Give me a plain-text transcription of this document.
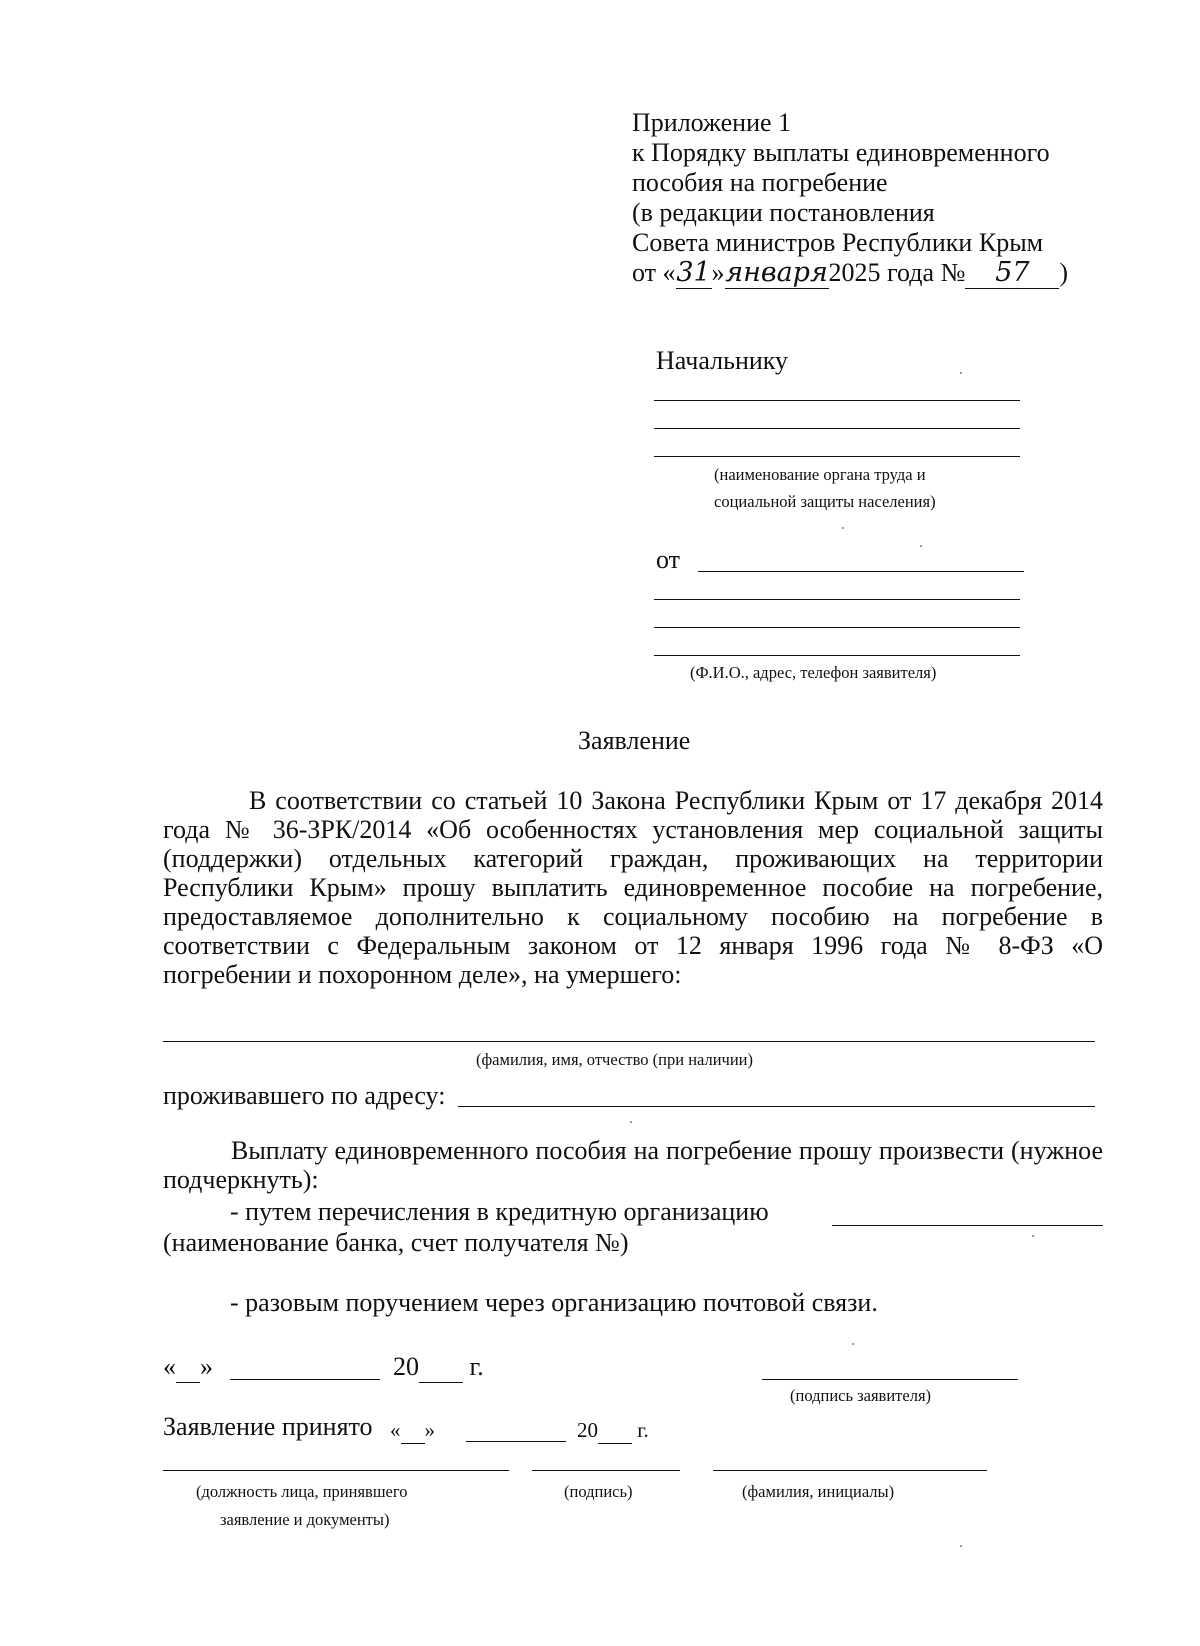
Приложение 1
к Порядку выплаты единовременного
пособия на погребение
(в редакции постановления
Совета министров Республики Крым
от «31»января2025 года № 57 )
Начальнику
(наименование органа труда и
социальной защиты населения)
от
(Ф.И.О., адрес, телефон заявителя)
Заявление
В соответствии со статьей 10 Закона Республики Крым от 17 декабря 2014 года № 36-ЗРК/2014 «Об особенностях установления мер социальной защиты (поддержки) отдельных категорий граждан, проживающих на территории Республики Крым» прошу выплатить единовременное пособие на погребение, предоставляемое дополнительно к социальному пособию на погребение в соответствии с Федеральным законом от 12 января 1996 года № 8-ФЗ «О погребении и похоронном деле», на умершего:
(фамилия, имя, отчество (при наличии)
проживавшего по адресу:
Выплату единовременного пособия на погребение прошу произвести (нужное подчеркнуть):
- путем перечисления в кредитную организацию
(наименование банка, счет получателя №)
- разовым поручением через организацию почтовой связи.
« »	20 г.
(подпись заявителя)
Заявление принято « »	20 г.
(должность лица, принявшего
заявление и документы)
(подпись)	(фамилия, инициалы)
